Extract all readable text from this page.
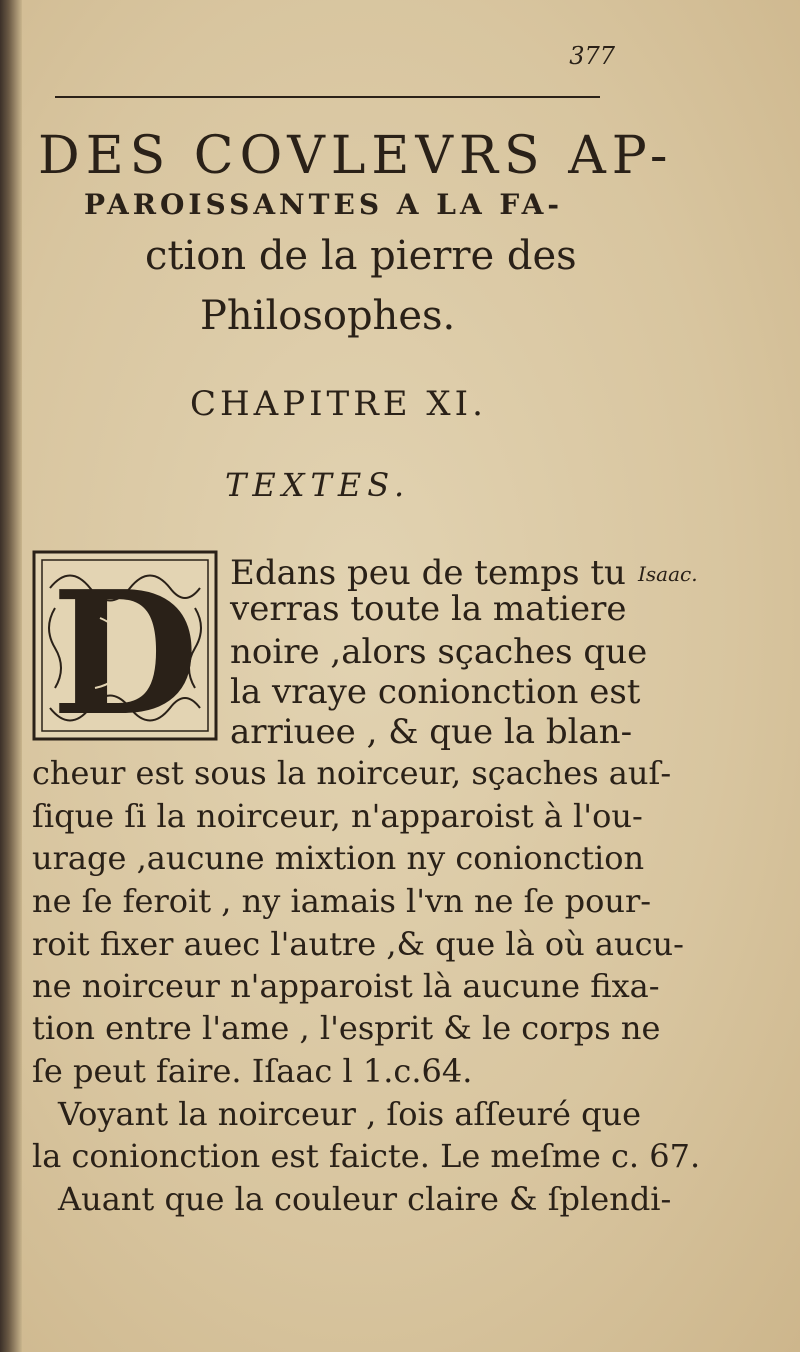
377
DES COVLEVRS AP-
PAROISSANTES A LA FA-
ction de la pierre des
Philosophes.
CHAPITRE XI.
TEXTES.
D	Isaac.
Edans peu de temps tu
verras toute la matiere
noire ,alors sçaches que
la vraye conionction est
arriuee , & que la blan-
cheur est sous la noirceur, sçaches auſ-
ſique ſi la noirceur, n'apparoist à l'ou-
urage ,aucune mixtion ny conionction
ne ſe feroit , ny iamais l'vn ne ſe pour-
roit fixer auec l'autre ,& que là où aucu-
ne noirceur n'apparoist là aucune fixa-
tion entre l'ame , l'esprit & le corps ne
ſe peut faire. Iſaac l 1.c.64.
Voyant la noirceur , ſois aſſeuré que
la conionction est faicte. Le meſme c. 67.
Auant que la couleur claire & ſplendi-
